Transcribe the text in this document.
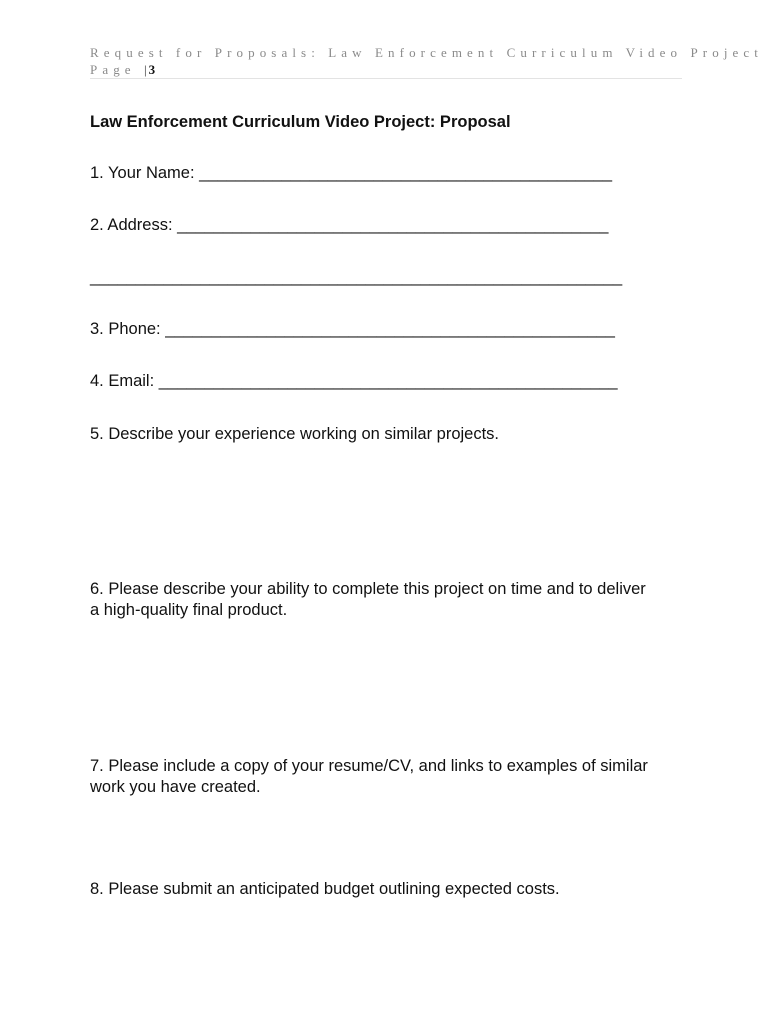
Request for Proposals: Law Enforcement Curriculum Video Project
Page |3
Law Enforcement Curriculum Video Project: Proposal
1. Your Name: _____________________________________________
2. Address: _______________________________________________
__________________________________________________________
3. Phone: _________________________________________________
4. Email: __________________________________________________
5. Describe your experience working on similar projects.
6. Please describe your ability to complete this project on time and to deliver a high-quality final product.
7. Please include a copy of your resume/CV, and links to examples of similar work you have created.
8. Please submit an anticipated budget outlining expected costs.
